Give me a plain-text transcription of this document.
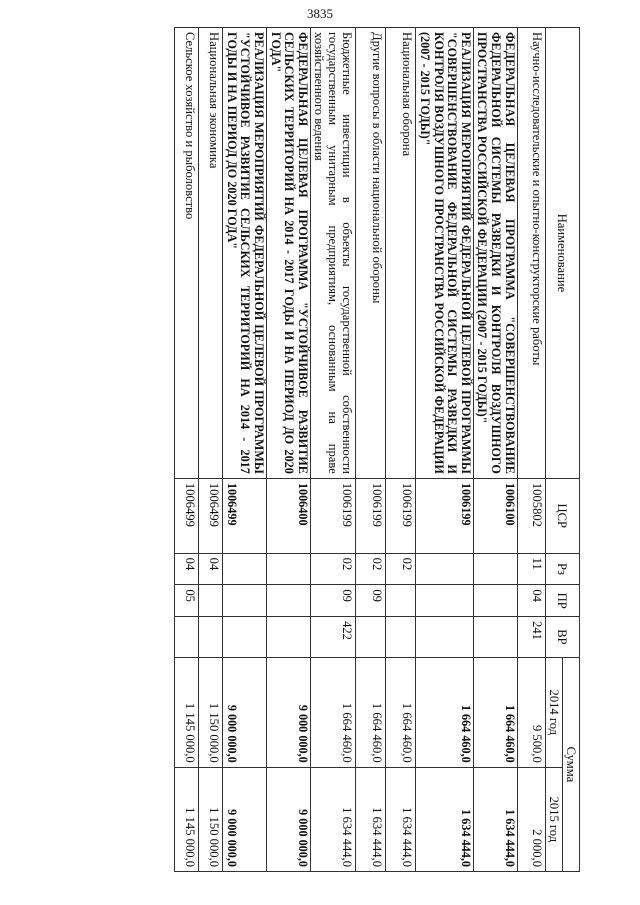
3835
Наименование	ЦСР	Рз	ПР	ВР	Сумма	
					2014 год	2015 год
Научно-исследовательские и опытно-конструкторские работы	1005802	11	04	241	9 500,0	2 000,0
ФЕДЕРАЛЬНАЯ ЦЕЛЕВАЯ ПРОГРАММА "СОВЕРШЕНСТВОВАНИЕ ФЕДЕРАЛЬНОЙ СИСТЕМЫ РАЗВЕДКИ И КОНТРОЛЯ ВОЗДУШНОГО ПРОСТРАНСТВА РОССИЙСКОЙ ФЕДЕРАЦИИ (2007 - 2015 ГОДЫ)"	1006100				1 664 460,0	1 634 444,0
РЕАЛИЗАЦИЯ МЕРОПРИЯТИЙ ФЕДЕРАЛЬНОЙ ЦЕЛЕВОЙ ПРОГРАММЫ "СОВЕРШЕНСТВОВАНИЕ ФЕДЕРАЛЬНОЙ СИСТЕМЫ РАЗВЕДКИ И КОНТРОЛЯ ВОЗДУШНОГО ПРОСТРАНСТВА РОССИЙСКОЙ ФЕДЕРАЦИИ (2007 - 2015 ГОДЫ)"	1006199				1 664 460,0	1 634 444,0
Национальная оборона	1006199	02			1 664 460,0	1 634 444,0
Другие вопросы в области национальной обороны	1006199	02	09		1 664 460,0	1 634 444,0
Бюджетные инвестиции в объекты государственной собственности государственным унитарным предприятиям, основанным на праве хозяйственного ведения	1006199	02	09	422	1 664 460,0	1 634 444,0
ФЕДЕРАЛЬНАЯ ЦЕЛЕВАЯ ПРОГРАММА "УСТОЙЧИВОЕ РАЗВИТИЕ СЕЛЬСКИХ ТЕРРИТОРИЙ НА 2014 - 2017 ГОДЫ И НА ПЕРИОД ДО 2020 ГОДА"	1006400				9 000 000,0	9 000 000,0
РЕАЛИЗАЦИЯ МЕРОПРИЯТИЙ ФЕДЕРАЛЬНОЙ ЦЕЛЕВОЙ ПРОГРАММЫ "УСТОЙЧИВОЕ РАЗВИТИЕ СЕЛЬСКИХ ТЕРРИТОРИЙ НА 2014 - 2017 ГОДЫ И НА ПЕРИОД ДО 2020 ГОДА"	1006499				9 000 000,0	9 000 000,0
Национальная экономика	1006499	04			1 150 000,0	1 150 000,0
Сельское хозяйство и рыболовство	1006499	04	05		1 145 000,0	1 145 000,0
